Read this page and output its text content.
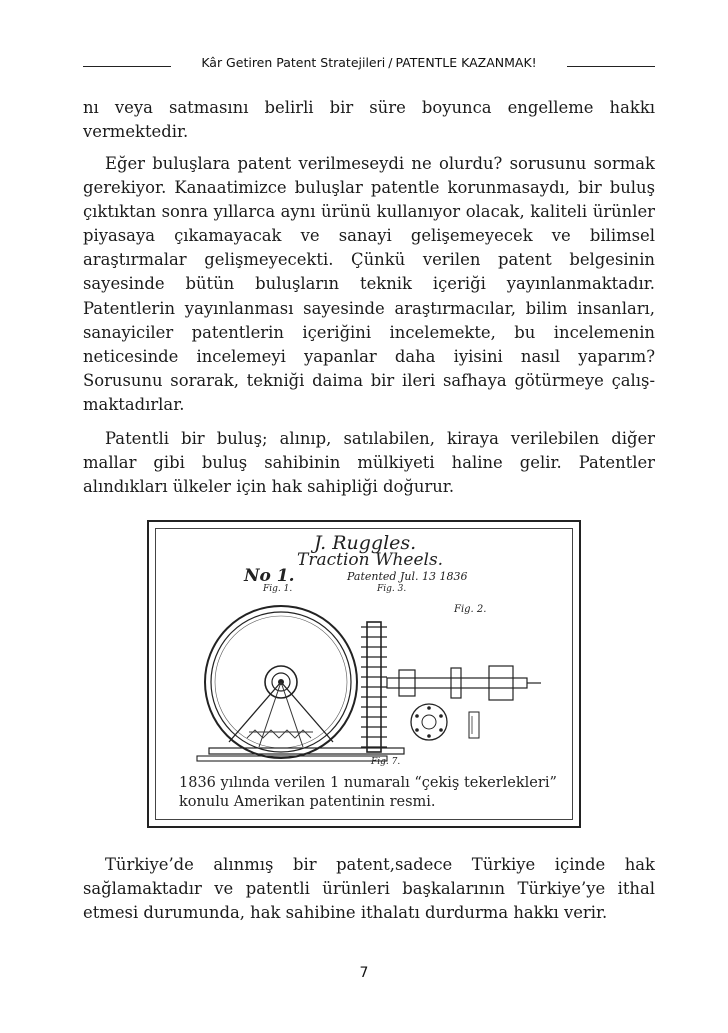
Kâr Getiren Patent Stratejileri / PATENTLE KAZANMAK!

nı veya satmasını belirli bir süre boyunca engelleme hakkı vermektedir.

Eğer buluşlara patent verilmeseydi ne olurdu? sorusunu sormak gerekiyor. Kanaatimizce buluşlar patentle korunmasaydı, bir buluş çıktıktan sonra yıllarca aynı ürünü kullanıyor olacak, kaliteli ürünler piyasaya çıkamayacak ve sanayi gelişemeyecek ve bilimsel araştırmalar gelişmeyecekti. Çünkü verilen patent belgesinin sayesinde bütün buluşların teknik içeriği yayınlanmaktadır. Patentlerin yayınlanması sayesinde araştırmacılar, bilim insanları, sanayiciler patentlerin içeriğini incelemekte, bu incelemenin neticesinde incelemeyi yapanlar daha iyisini nasıl yaparım? Sorusunu sorarak, tekniği daima bir ileri safhaya götürmeye çalışmaktadırlar.

Patentli bir buluş; alınıp, satılabilen, kiraya verilebilen diğer mallar gibi buluş sahibinin mülkiyeti haline gelir. Patentler alındıkları ülkeler için hak sahipliği doğurur.

J. Ruggles.
Traction Wheels.
No 1.	Patented Jul. 13 1836
Fig. 1.	Fig. 3.
Fig. 2.
Fig. 7.
1836 yılında verilen 1 numaralı “çekiş tekerlekleri”
konulu Amerikan patentinin resmi.

Türkiye’de alınmış bir patent,sadece Türkiye içinde hak sağlamaktadır ve patentli ürünleri başkalarının Türkiye’ye ithal etmesi durumunda, hak sahibine ithalatı durdurma hakkı verir.

7
